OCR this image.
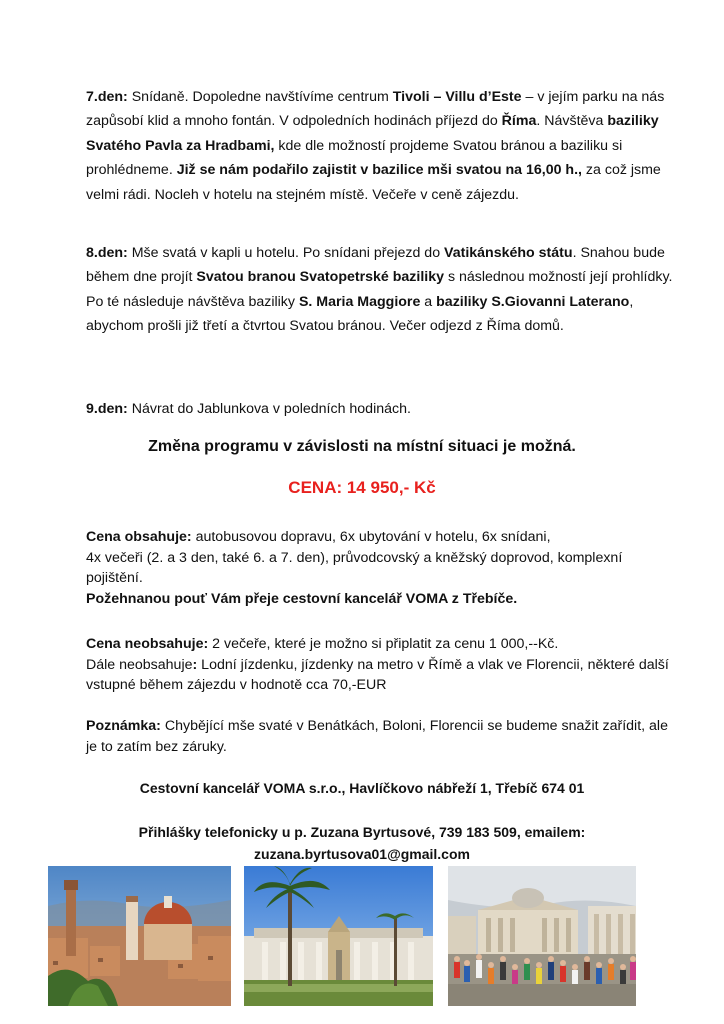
7.den: Snídaně. Dopoledne navštívíme centrum Tivoli – Villu d’Este – v jejím parku na nás zapůsobí klid a mnoho fontán. V odpoledních hodinách příjezd do Říma. Návštěva baziliky Svatého Pavla za Hradbami, kde dle možností projdeme Svatou bránou a baziliku si prohlédneme. Již se nám podařilo zajistit v bazilice mši svatou na 16,00 h., za což jsme velmi rádi. Nocleh v hotelu na stejném místě. Večeře v ceně zájezdu.
8.den: Mše svatá v kapli u hotelu. Po snídani přejezd do Vatikánského státu. Snahou bude během dne projít Svatou branou Svatopetrské baziliky s následnou možností její prohlídky. Po té následuje návštěva baziliky S. Maria Maggiore a baziliky S.Giovanni Laterano, abychom prošli již třetí a čtvrtou Svatou bránou. Večer odjezd z Říma domů.
9.den: Návrat do Jablunkova v poledních hodinách.
Změna programu v závislosti na místní situaci je možná.
CENA: 14 950,- Kč
Cena obsahuje: autobusovou dopravu, 6x ubytování v hotelu, 6x snídani,
4x večeři (2. a 3 den, také 6. a 7. den), průvodcovský a kněžský doprovod, komplexní pojištění.
Požehnanou pouť Vám přeje cestovní kancelář VOMA z Třebíče.
Cena neobsahuje: 2 večeře, které je možno si připlatit za cenu 1 000,--Kč.
Dále neobsahuje: Lodní jízdenku, jízdenky na metro v Římě a vlak ve Florencii, některé další vstupné během zájezdu v hodnotě cca 70,-EUR
Poznámka: Chybějící mše svaté v Benátkách, Boloni, Florencii se budeme snažit zařídit, ale je to zatím bez záruky.
Cestovní kancelář VOMA s.r.o., Havlíčkovo nábřeží 1, Třebíč 674 01
Přihlášky telefonicky u p. Zuzana Byrtusové, 739 183 509, emailem:
zuzana.byrtusova01@gmail.com
